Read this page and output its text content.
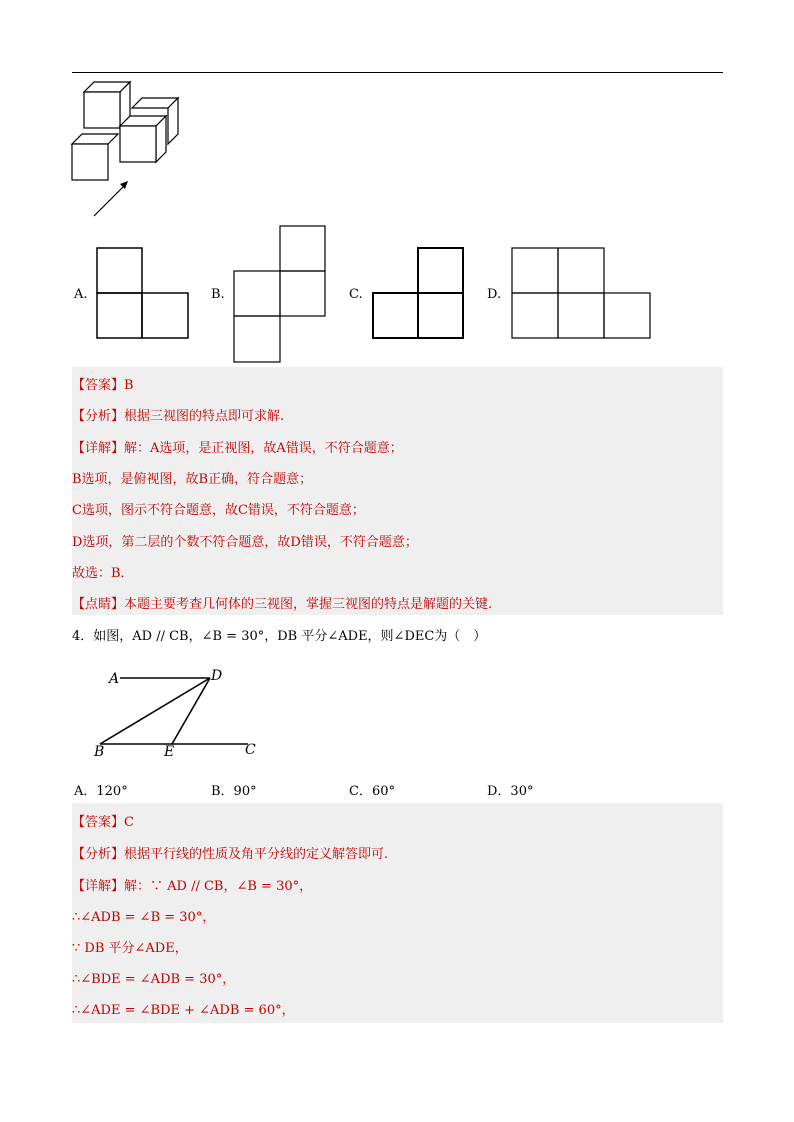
A.	B.	C.	D.
【答案】B
【分析】根据三视图的特点即可求解.
【详解】解：A选项，是正视图，故A错误，不符合题意；
B选项，是俯视图，故B正确，符合题意；
C选项，图示不符合题意，故C错误，不符合题意；
D选项，第二层的个数不符合题意，故D错误，不符合题意；
故选：B．
【点睛】本题主要考查几何体的三视图，掌握三视图的特点是解题的关键.
4．如图，AD // CB，∠B = 30°，DB 平分∠ADE，则∠DEC为（　）
A	D
B	E	C
A．120°	B．90°	C．60°	D．30°
【答案】C
【分析】根据平行线的性质及角平分线的定义解答即可.
【详解】解：∵ AD // CB，∠B = 30°，
∴∠ADB = ∠B = 30°，
∵ DB 平分∠ADE，
∴∠BDE = ∠ADB = 30°，
∴∠ADE = ∠BDE + ∠ADB = 60°，
